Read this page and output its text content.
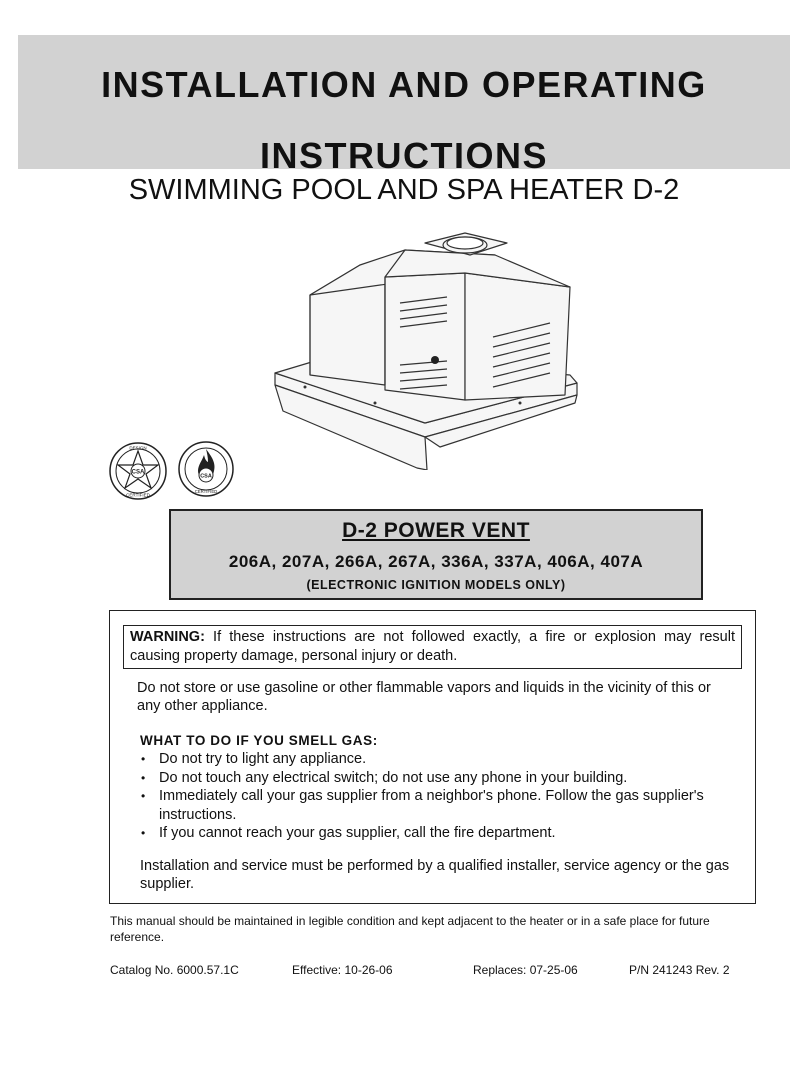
INSTALLATION AND OPERATING
INSTRUCTIONS
SWIMMING POOL AND SPA HEATER D-2
CSA
DESIGN
CERTIFIED
CSA
CERTIFIED
D-2 POWER VENT
206A, 207A, 266A, 267A, 336A, 337A, 406A, 407A
(ELECTRONIC IGNITION MODELS ONLY)
WARNING: If these instructions are not followed exactly, a fire or explosion may result causing property damage, personal injury or death.
Do not store or use gasoline or other flammable vapors and liquids in the vicinity of this or any other appliance.
WHAT TO DO IF YOU SMELL GAS:
• Do not try to light any appliance.
• Do not touch any electrical switch; do not use any phone in your building.
• Immediately call your gas supplier from a neighbor's phone. Follow the gas supplier's instructions.
• If you cannot reach your gas supplier, call the fire department.
Installation and service must be performed by a qualified installer, service agency or the gas supplier.
This manual should be maintained in legible condition and kept adjacent to the heater or in a safe place for future reference.
Catalog No. 6000.57.1C	Effective: 10-26-06	Replaces: 07-25-06	P/N 241243 Rev. 2
